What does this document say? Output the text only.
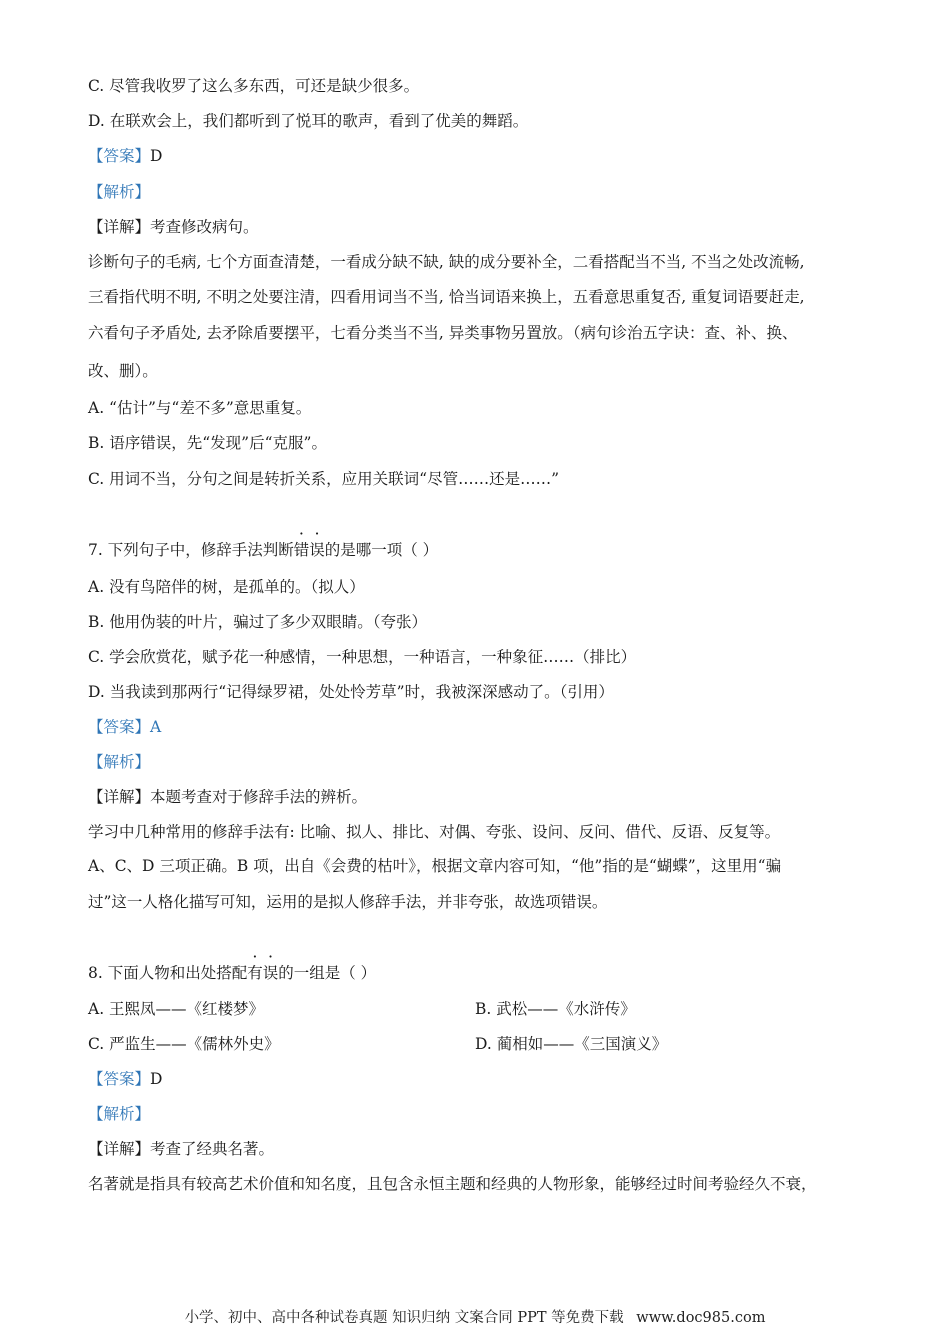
C. 尽管我收罗了这么多东西，可还是缺少很多。
D. 在联欢会上，我们都听到了悦耳的歌声，看到了优美的舞蹈。
【答案】D
【解析】
【详解】考查修改病句。
诊断句子的毛病, 七个方面查清楚，一看成分缺不缺, 缺的成分要补全，二看搭配当不当, 不当之处改流畅,
三看指代明不明, 不明之处要注清，四看用词当不当, 恰当词语来换上，五看意思重复否, 重复词语要赶走,
六看句子矛盾处, 去矛除盾要摆平，七看分类当不当, 异类事物另置放。（病句诊治五字诀：查、补、换、
改、删）。
A. “估计”与“差不多”意思重复。
B. 语序错误，先“发现”后“克服”。
C. 用词不当，分句之间是转折关系，应用关联词“尽管……还是……”
7. 下列句子中，修辞手法判断错误的是哪一项（ ）
A. 没有鸟陪伴的树，是孤单的。（拟人）
B. 他用伪装的叶片，骗过了多少双眼睛。（夸张）
C. 学会欣赏花，赋予花一种感情，一种思想，一种语言，一种象征……（排比）
D. 当我读到那两行“记得绿罗裙，处处怜芳草”时，我被深深感动了。（引用）
【答案】A
【解析】
【详解】本题考查对于修辞手法的辨析。
学习中几种常用的修辞手法有: 比喻、拟人、排比、对偶、夸张、设问、反问、借代、反语、反复等。
A、C、D 三项正确。B 项，出自《会费的枯叶》，根据文章内容可知，“他”指的是“蝴蝶”，这里用“骗
过”这一人格化描写可知，运用的是拟人修辞手法，并非夸张，故选项错误。
8. 下面人物和出处搭配有误的一组是（ ）
A. 王熙凤——《红楼梦》	B. 武松——《水浒传》
C. 严监生——《儒林外史》	D. 蔺相如——《三国演义》
【答案】D
【解析】
【详解】考查了经典名著。
名著就是指具有较高艺术价值和知名度，且包含永恒主题和经典的人物形象，能够经过时间考验经久不衰，
小学、初中、高中各种试卷真题 知识归纳 文案合同 PPT 等免费下载 www.doc985.com
